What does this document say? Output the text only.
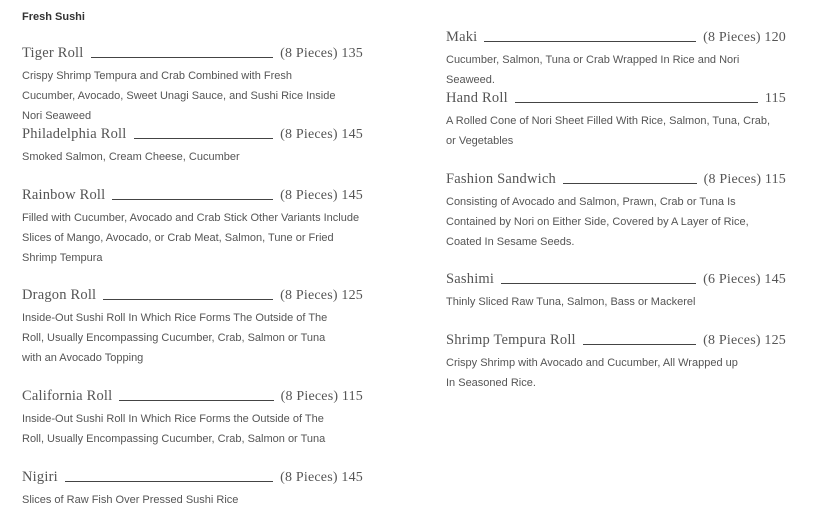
Fresh Sushi
Tiger Roll	(8 Pieces) 135
Crispy Shrimp Tempura and Crab Combined with Fresh Cucumber, Avocado, Sweet Unagi Sauce, and Sushi Rice Inside Nori Seaweed
Philadelphia Roll	(8 Pieces) 145
Smoked Salmon, Cream Cheese, Cucumber
Rainbow Roll	(8 Pieces) 145
Filled with Cucumber, Avocado and Crab Stick Other Variants Include Slices of Mango, Avocado, or Crab Meat, Salmon, Tune or Fried Shrimp Tempura
Dragon Roll	(8 Pieces) 125
Inside-Out Sushi Roll In Which Rice Forms The Outside of The Roll, Usually Encompassing Cucumber, Crab, Salmon or Tuna with an Avocado Topping
California Roll	(8 Pieces) 115
Inside-Out Sushi Roll In Which Rice Forms the Outside of The Roll, Usually Encompassing Cucumber, Crab, Salmon or Tuna
Nigiri	(8 Pieces) 145
Slices of Raw Fish Over Pressed Sushi Rice
Maki	(8 Pieces) 120
Cucumber, Salmon, Tuna or Crab Wrapped In Rice and Nori Seaweed.
Hand Roll	115
A Rolled Cone of Nori Sheet Filled With Rice, Salmon, Tuna, Crab, or Vegetables
Fashion Sandwich	(8 Pieces) 115
Consisting of Avocado and Salmon, Prawn, Crab or Tuna Is Contained by Nori on Either Side, Covered by A Layer of Rice, Coated In Sesame Seeds.
Sashimi	(6 Pieces) 145
Thinly Sliced Raw Tuna, Salmon, Bass or Mackerel
Shrimp Tempura Roll	(8 Pieces) 125
Crispy Shrimp with Avocado and Cucumber, All Wrapped up In Seasoned Rice.
